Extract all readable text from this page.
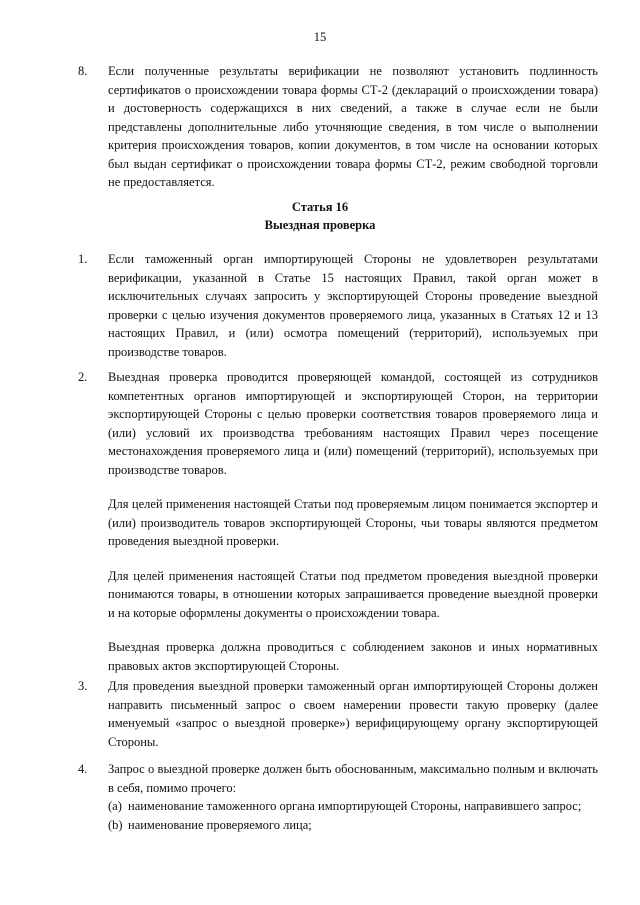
15
8. Если полученные результаты верификации не позволяют установить подлинность сертификатов о происхождении товара формы СТ-2 (деклараций о происхождении товара) и достоверность содержащихся в них сведений, а также в случае если не были представлены дополнительные либо уточняющие сведения, в том числе о выполнении критерия происхождения товаров, копии документов, в том числе на основании которых был выдан сертификат о происхождении товара формы СТ-2, режим свободной торговли не предоставляется.
Статья 16
Выездная проверка
1. Если таможенный орган импортирующей Стороны не удовлетворен результатами верификации, указанной в Статье 15 настоящих Правил, такой орган может в исключительных случаях запросить у экспортирующей Стороны проведение выездной проверки с целью изучения документов проверяемого лица, указанных в Статьях 12 и 13 настоящих Правил, и (или) осмотра помещений (территорий), используемых при производстве товаров.
2. Выездная проверка проводится проверяющей командой, состоящей из сотрудников компетентных органов импортирующей и экспортирующей Сторон, на территории экспортирующей Стороны с целью проверки соответствия товаров проверяемого лица и (или) условий их производства требованиям настоящих Правил через посещение местонахождения проверяемого лица и (или) помещений (территорий), используемых при производстве товаров.
Для целей применения настоящей Статьи под проверяемым лицом понимается экспортер и (или) производитель товаров экспортирующей Стороны, чьи товары являются предметом проведения выездной проверки.
Для целей применения настоящей Статьи под предметом проведения выездной проверки понимаются товары, в отношении которых запрашивается проведение выездной проверки и на которые оформлены документы о происхождении товара.
Выездная проверка должна проводиться с соблюдением законов и иных нормативных правовых актов экспортирующей Стороны.
3. Для проведения выездной проверки таможенный орган импортирующей Стороны должен направить письменный запрос о своем намерении провести такую проверку (далее именуемый «запрос о выездной проверке») верифицирующему органу экспортирующей Стороны.
4. Запрос о выездной проверке должен быть обоснованным, максимально полным и включать в себя, помимо прочего:
(a) наименование таможенного органа импортирующей Стороны, направившего запрос;
(b) наименование проверяемого лица;
